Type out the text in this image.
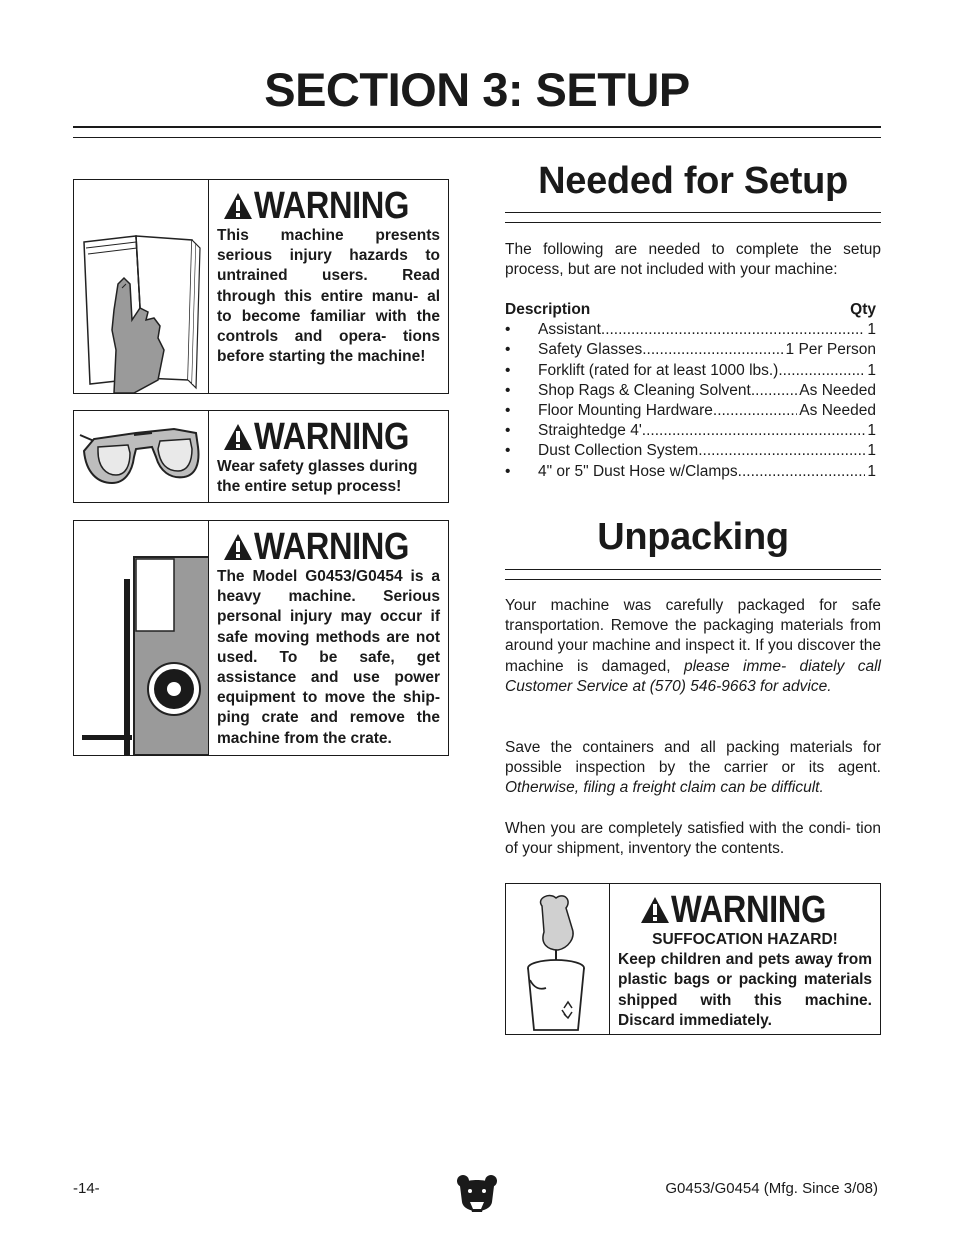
SECTION 3: SETUP
WARNING
This machine presents serious injury hazards to untrained users. Read through this entire manu- al to become familiar with the controls and opera- tions before starting the machine!
WARNING
Wear safety glasses during the entire setup process!
WARNING
The Model G0453/G0454 is a heavy machine. Serious personal injury may occur if safe moving methods are not used. To be safe, get assistance and use power equipment to move the ship- ping crate and remove the machine from the crate.
Needed for Setup

The following are needed to complete the setup process, but are not included with your machine:

Description	Qty
•	Assistant .....	1
•	Safety Glasses .....	1 Per Person
•	Forklift (rated for at least 1000 lbs.) .....	1
•	Shop Rags & Cleaning Solvent .....	As Needed
•	Floor Mounting Hardware .....	As Needed
•	Straightedge 4' .....	1
•	Dust Collection System .....	1
•	4" or 5" Dust Hose w/Clamps .....	1
Unpacking

Your machine was carefully packaged for safe transportation. Remove the packaging materials from around your machine and inspect it. If you discover the machine is damaged, please imme- diately call Customer Service at (570) 546-9663 for advice.

Save the containers and all packing materials for possible inspection by the carrier or its agent. Otherwise, filing a freight claim can be difficult.

When you are completely satisfied with the condi- tion of your shipment, inventory the contents.

WARNING
SUFFOCATION HAZARD!
Keep children and pets away from plastic bags or packing materials shipped with this machine. Discard immediately.
-14-	G0453/G0454 (Mfg. Since 3/08)
